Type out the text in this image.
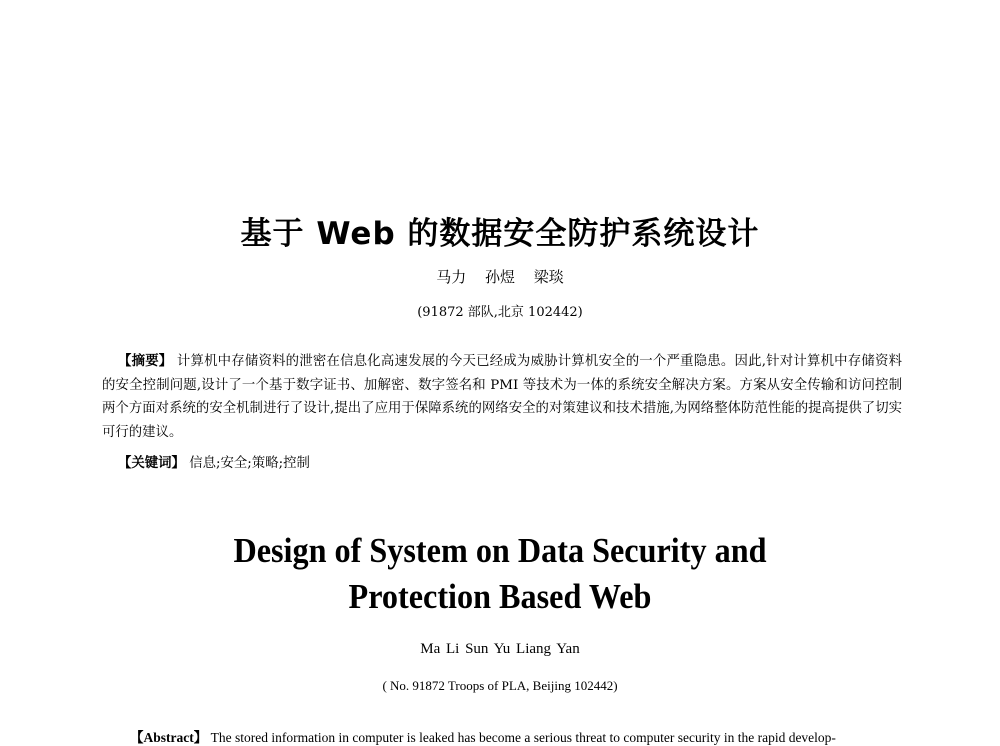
基于 Web 的数据安全防护系统设计

马力 孙煜 梁琰

(91872 部队,北京 102442)

【摘要】 计算机中存储资料的泄密在信息化高速发展的今天已经成为威胁计算机安全的一个严重隐患。因此,针对计算机中存储资料的安全控制问题,设计了一个基于数字证书、加解密、数字签名和 PMI 等技术为一体的系统安全解决方案。方案从安全传输和访问控制两个方面对系统的安全机制进行了设计,提出了应用于保障系统的网络安全的对策建议和技术措施,为网络整体防范性能的提高提供了切实可行的建议。

【关键词】 信息;安全;策略;控制

Design of System on Data Security and
Protection Based Web

Ma Li Sun Yu Liang Yan

( No. 91872 Troops of PLA, Beijing 102442)

【Abstract】 The stored information in computer is leaked has become a serious threat to computer security in the rapid develop-
